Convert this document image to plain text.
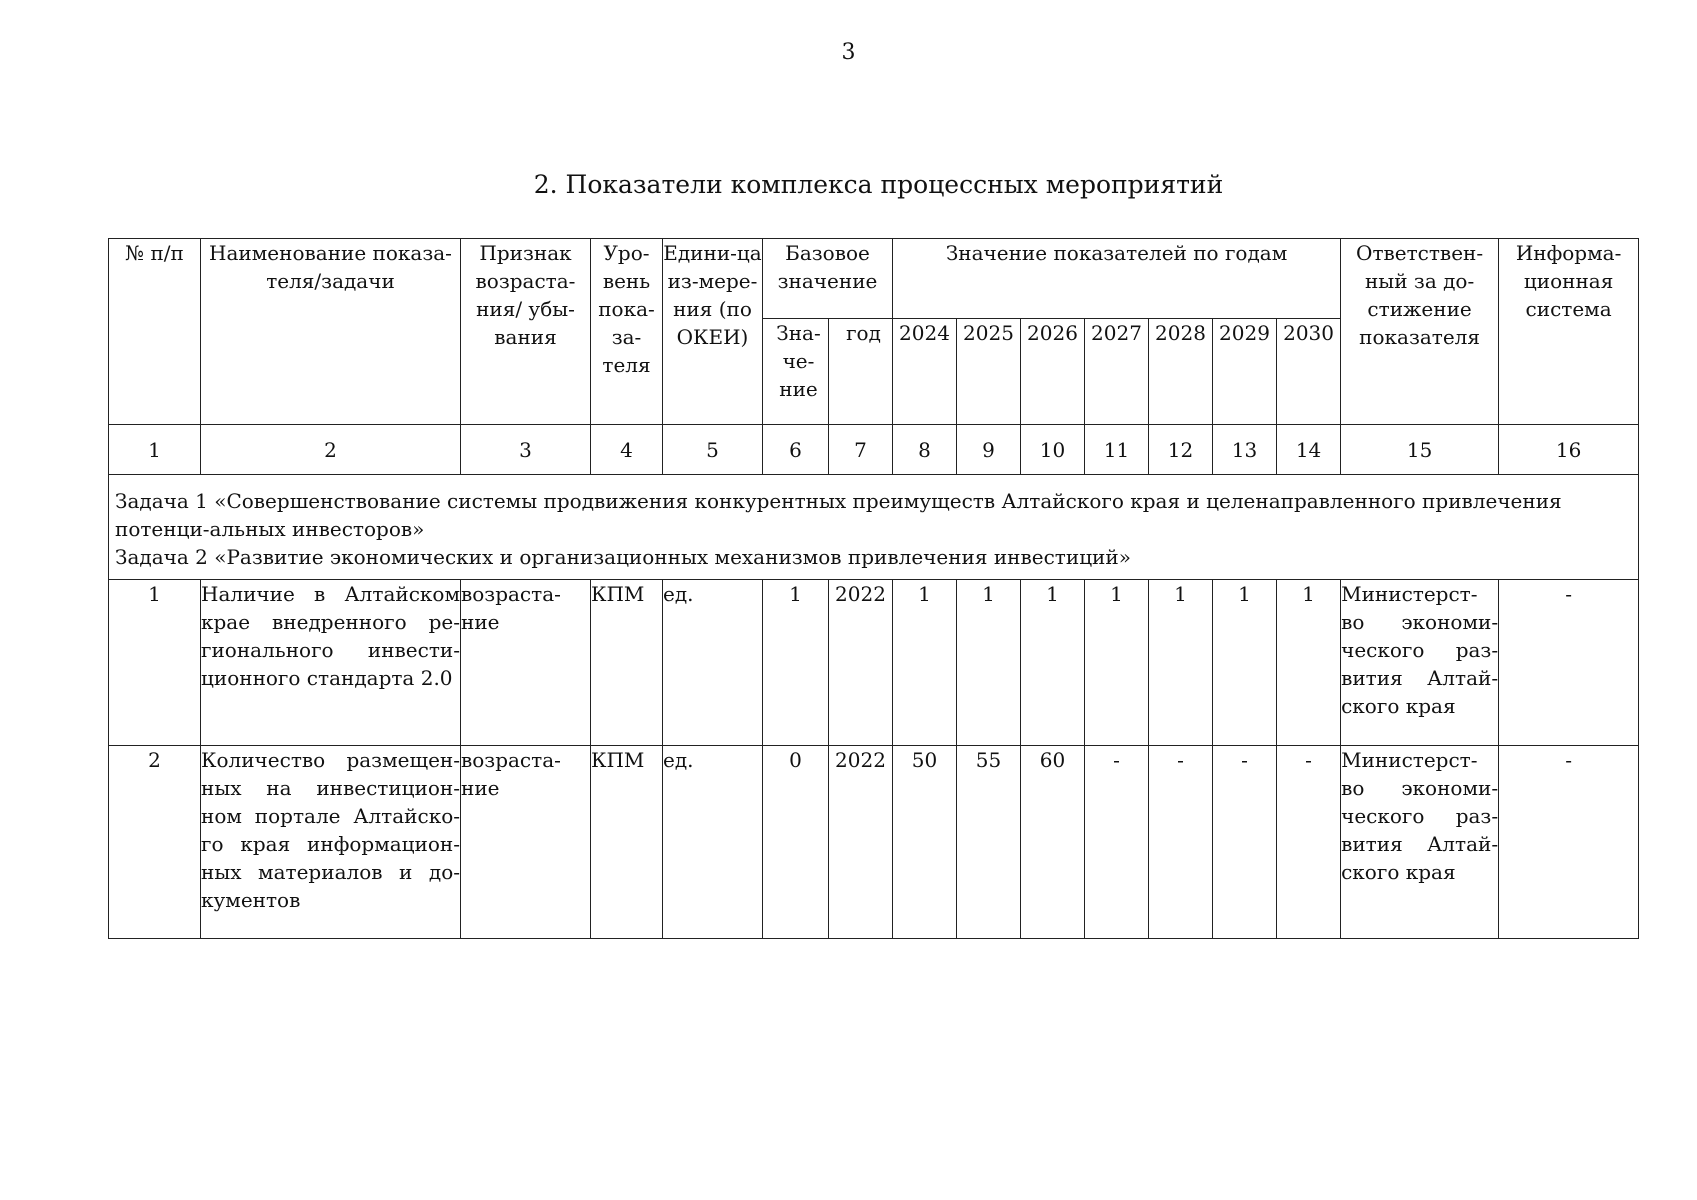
3
2. Показатели комплекса процессных мероприятий
№ п/п	Наименование показа-теля/задачи	Признак возраста-ния/ убы-вания	Уро-вень пока-за-теля	Едини-ца из-мере-ния (по ОКЕИ)	Базовое значение		Значение показателей по годам							Ответствен-ный за до-стижение показателя	Информа-ционная система
					Зна-че-ние	год	2024	2025	2026	2027	2028	2029	2030		
1	2	3	4	5	6	7	8	9	10	11	12	13	14	15	16

Задача 1 «Совершенствование системы продвижения конкурентных преимуществ Алтайского края и целенаправленного привлечения потенци-альных инвесторов»
Задача 2 «Развитие экономических и организационных механизмов привлечения инвестиций»															

1	Наличие в Алтайском крае внедренного ре-гионального инвести-ционного стандарта 2.0	возраста-ние	КПМ	ед.	1	2022	1	1	1	1	1	1	1	Министерст-во экономи-ческого раз-вития Алтай-ского края	-
2	Количество размещен-ных на инвестицион-ном портале Алтайско-го края информацион-ных материалов и до-кументов	возраста-ние	КПМ	ед.	0	2022	50	55	60	-	-	-	-	Министерст-во экономи-ческого раз-вития Алтай-ского края	-
